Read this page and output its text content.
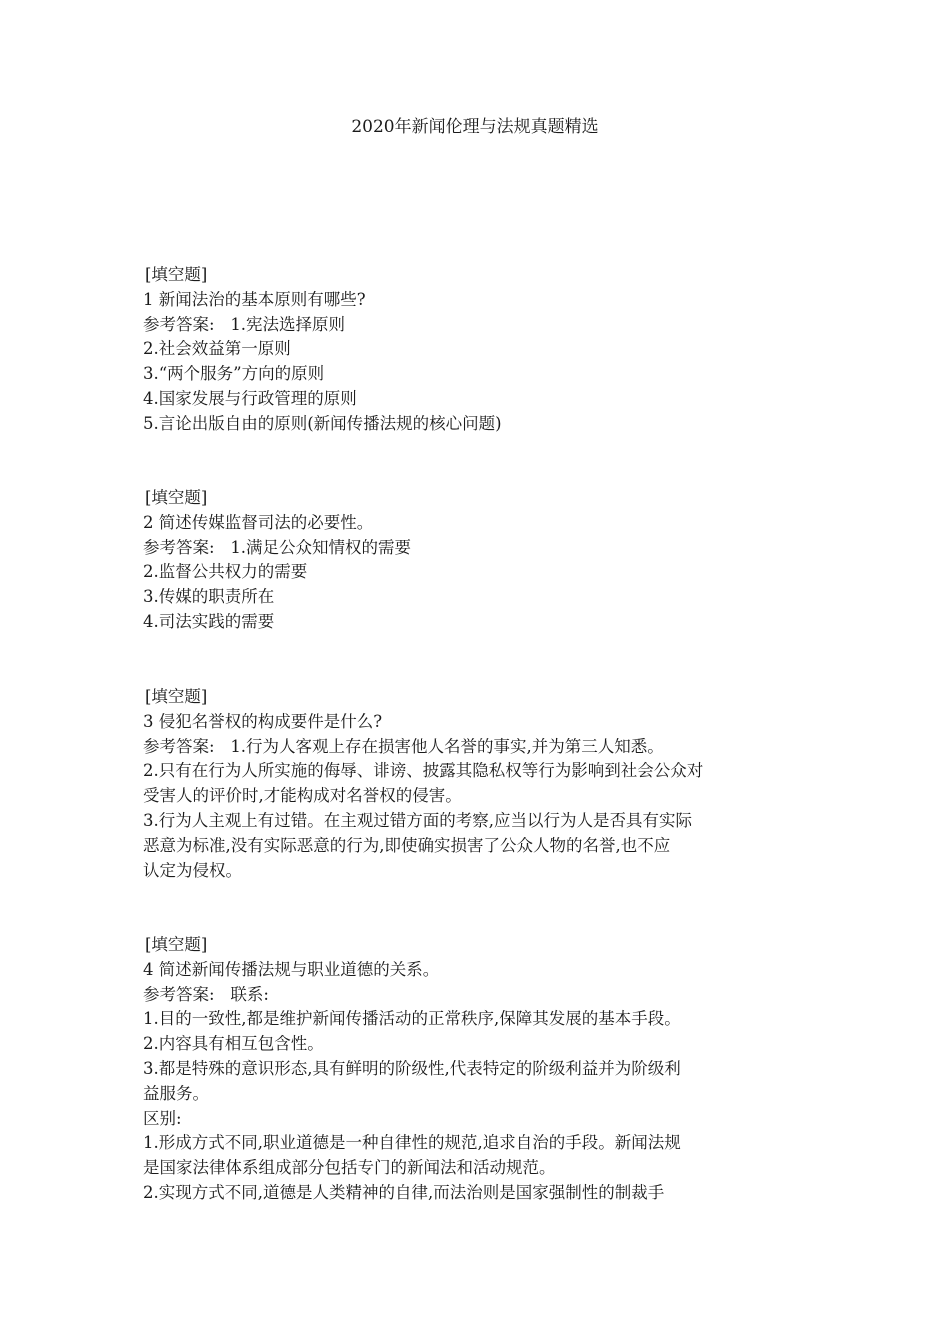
2020年新闻伦理与法规真题精选
[填空题]
1 新闻法治的基本原则有哪些?
参考答案: 1.宪法选择原则
2.社会效益第一原则
3.“两个服务”方向的原则
4.国家发展与行政管理的原则
5.言论出版自由的原则(新闻传播法规的核心问题)
[填空题]
2 简述传媒监督司法的必要性。
参考答案: 1.满足公众知情权的需要
2.监督公共权力的需要
3.传媒的职责所在
4.司法实践的需要
[填空题]
3 侵犯名誉权的构成要件是什么?
参考答案: 1.行为人客观上存在损害他人名誉的事实,并为第三人知悉。
2.只有在行为人所实施的侮辱、诽谤、披露其隐私权等行为影响到社会公众对
受害人的评价时,才能构成对名誉权的侵害。
3.行为人主观上有过错。在主观过错方面的考察,应当以行为人是否具有实际
恶意为标准,没有实际恶意的行为,即使确实损害了公众人物的名誉,也不应
认定为侵权。
[填空题]
4 简述新闻传播法规与职业道德的关系。
参考答案: 联系:
1.目的一致性,都是维护新闻传播活动的正常秩序,保障其发展的基本手段。
2.内容具有相互包含性。
3.都是特殊的意识形态,具有鲜明的阶级性,代表特定的阶级利益并为阶级利
益服务。
区别:
1.形成方式不同,职业道德是一种自律性的规范,追求自治的手段。新闻法规
是国家法律体系组成部分包括专门的新闻法和活动规范。
2.实现方式不同,道德是人类精神的自律,而法治则是国家强制性的制裁手
